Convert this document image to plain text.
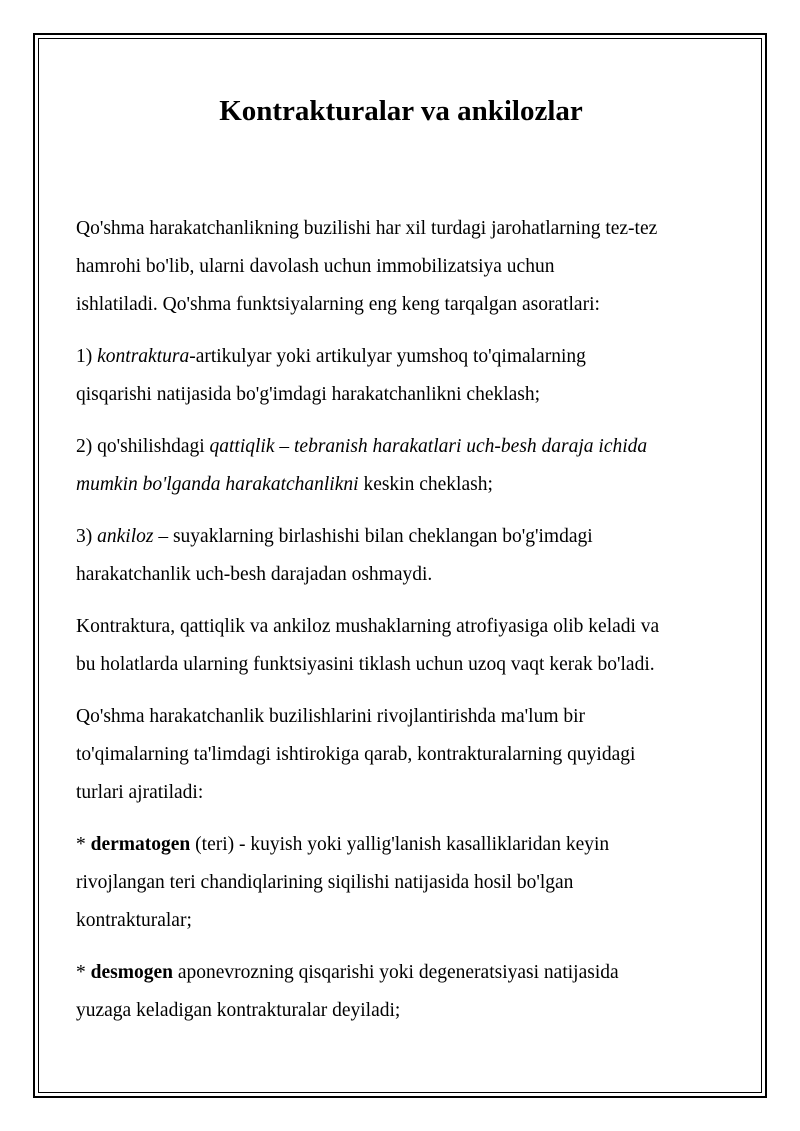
Kontrakturalar va ankilozlar

Qo'shma harakatchanlikning buzilishi har xil turdagi jarohatlarning tez-tez
hamrohi bo'lib, ularni davolash uchun immobilizatsiya uchun
ishlatiladi. Qo'shma funktsiyalarning eng keng tarqalgan asoratlari:

1) kontraktura-artikulyar yoki artikulyar yumshoq to'qimalarning
qisqarishi natijasida bo'g'imdagi harakatchanlikni cheklash;

2) qo'shilishdagi qattiqlik – tebranish harakatlari uch-besh daraja ichida
mumkin bo'lganda harakatchanlikni keskin cheklash;

3) ankiloz – suyaklarning birlashishi bilan cheklangan bo'g'imdagi
harakatchanlik uch-besh darajadan oshmaydi.

Kontraktura, qattiqlik va ankiloz mushaklarning atrofiyasiga olib keladi va
bu holatlarda ularning funktsiyasini tiklash uchun uzoq vaqt kerak bo'ladi.

Qo'shma harakatchanlik buzilishlarini rivojlantirishda ma'lum bir
to'qimalarning ta'limdagi ishtirokiga qarab, kontrakturalarning quyidagi
turlari ajratiladi:

* dermatogen (teri) - kuyish yoki yallig'lanish kasalliklaridan keyin
rivojlangan teri chandiqlarining siqilishi natijasida hosil bo'lgan
kontrakturalar;

* desmogen aponevrozning qisqarishi yoki degeneratsiyasi natijasida
yuzaga keladigan kontrakturalar deyiladi;
